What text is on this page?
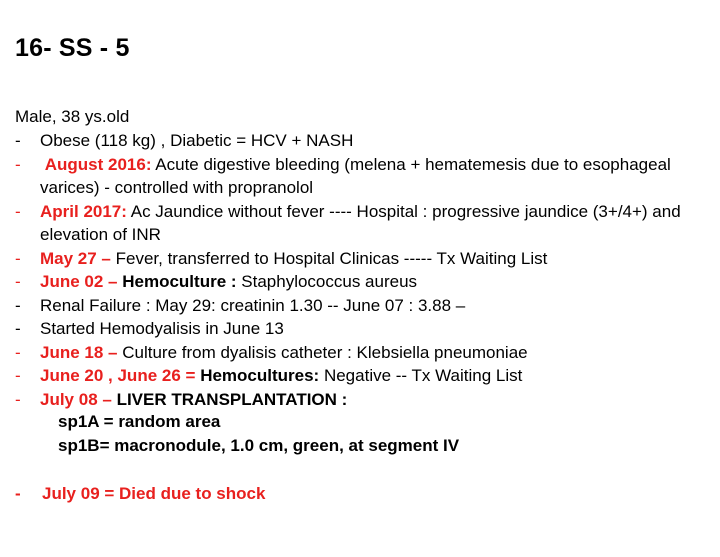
16- SS - 5
Male, 38 ys.old
-	Obese (118 kg) , Diabetic = HCV + NASH
-	August 2016: Acute digestive bleeding (melena + hematemesis due to esophageal varices) - controlled with propranolol
-	April 2017: Ac Jaundice without fever ---- Hospital : progressive jaundice (3+/4+) and elevation of INR
-	May 27 – Fever, transferred to Hospital Clinicas ----- Tx Waiting List
-	June 02 – Hemoculture : Staphylococcus aureus
-	Renal Failure : May 29: creatinin 1.30 -- June 07 : 3.88 –
-	Started Hemodyalisis in June 13
-	June 18 – Culture from dyalisis catheter : Klebsiella pneumoniae
-	June 20 , June 26 = Hemocultures: Negative -- Tx Waiting List
-	July 08 – LIVER TRANSPLANTATION :
sp1A = random area
sp1B= macronodule, 1.0 cm, green, at segment IV
- July 09 = Died due to shock
